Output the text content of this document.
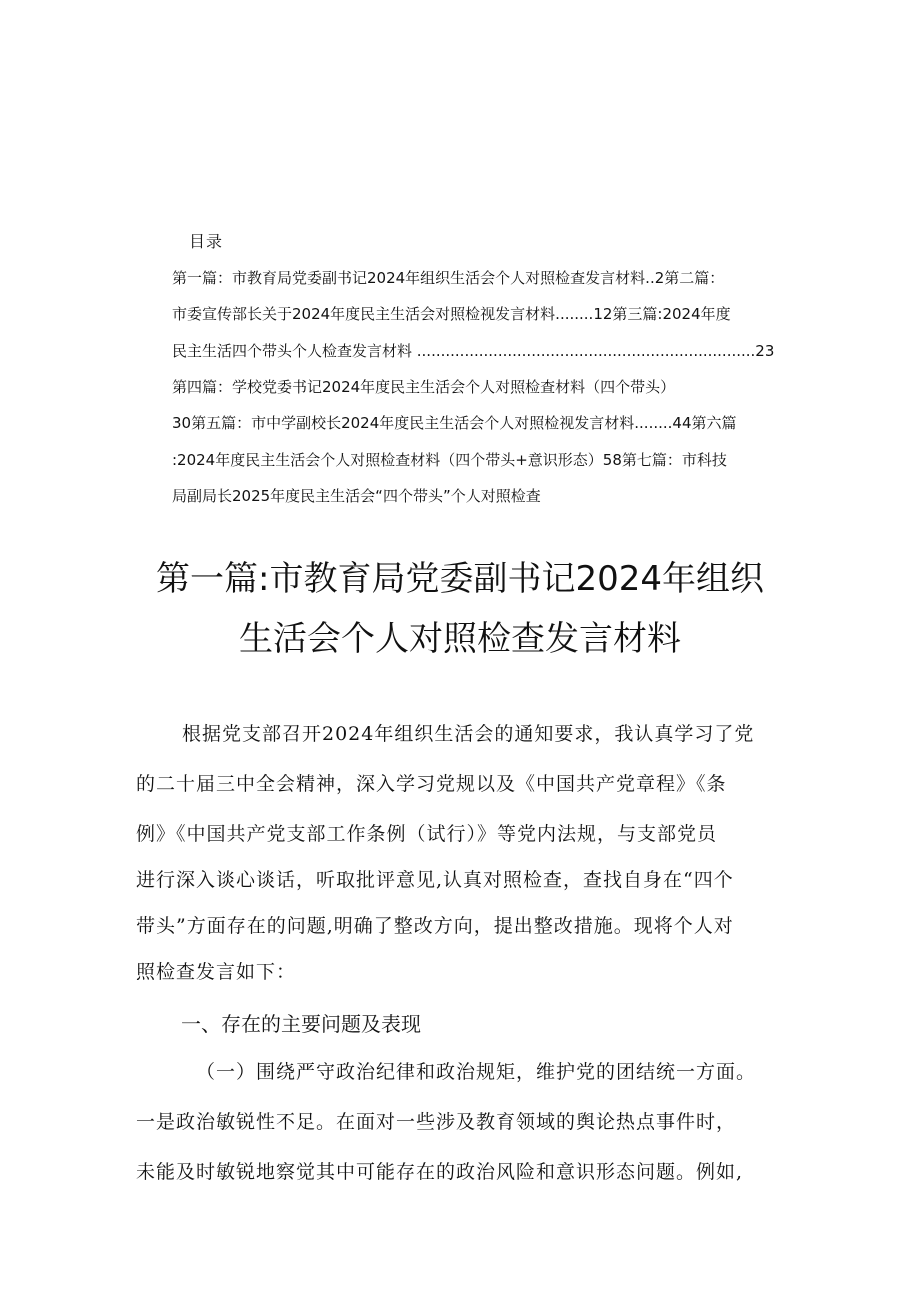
目录
第一篇：市教育局党委副书记2024年组织生活会个人对照检查发言材料..2第二篇：
市委宣传部长关于2024年度民主生活会对照检视发言材料........12第三篇:2024年度
民主生活四个带头个人检查发言材料 .......................................................................23
第四篇：学校党委书记2024年度民主生活会个人对照检查材料（四个带头）
30第五篇：市中学副校长2024年度民主生活会个人对照检视发言材料........44第六篇
:2024年度民主生活会个人对照检查材料（四个带头+意识形态）58第七篇：市科技
局副局长2025年度民主生活会“四个带头”个人对照检查
第一篇:市教育局党委副书记2024年组织
生活会个人对照检查发言材料
根据党支部召开2024年组织生活会的通知要求，我认真学习了党
的二十届三中全会精神，深入学习党规以及《中国共产党章程》《条
例》《中国共产党支部工作条例（试行）》等党内法规，与支部党员
进行深入谈心谈话，听取批评意见,认真对照检查，查找自身在“四个
带头”方面存在的问题,明确了整改方向，提出整改措施。现将个人对
照检查发言如下：
一、存在的主要问题及表现
（一）围绕严守政治纪律和政治规矩，维护党的团结统一方面。
一是政治敏锐性不足。在面对一些涉及教育领域的舆论热点事件时，
未能及时敏锐地察觉其中可能存在的政治风险和意识形态问题。例如,
